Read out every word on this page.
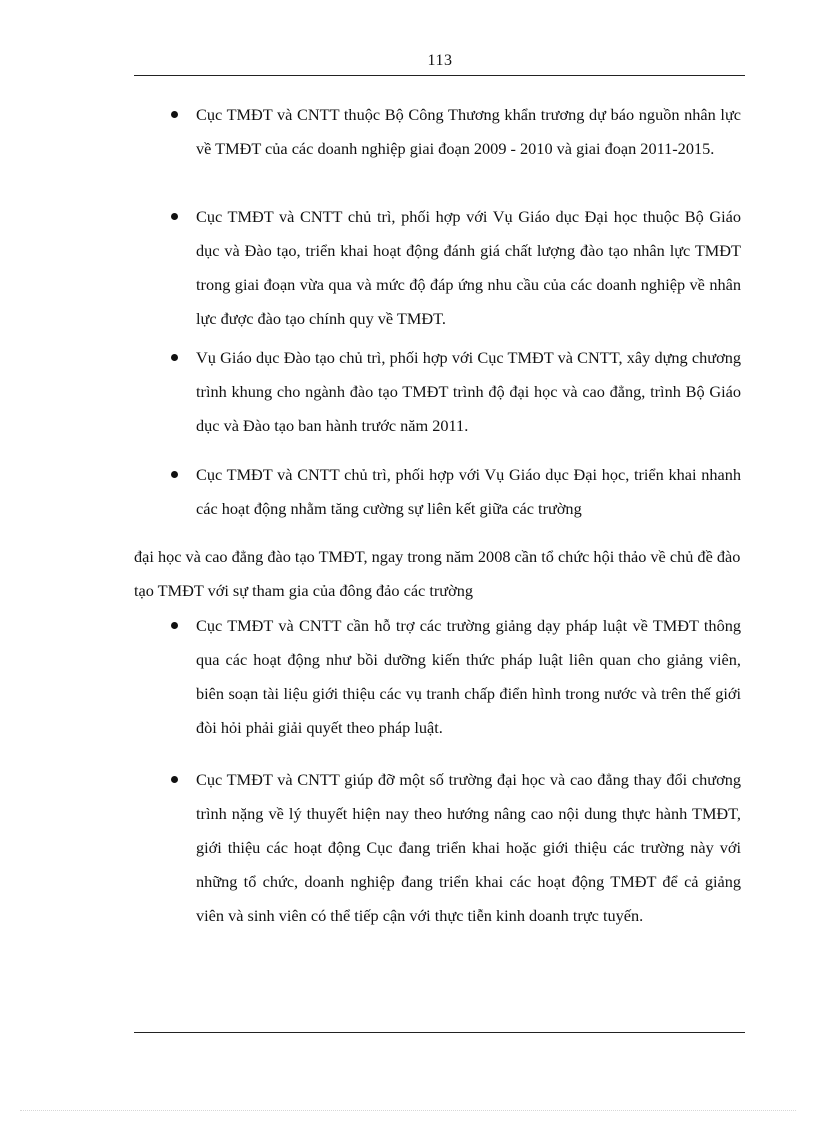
113
Cục TMĐT và CNTT thuộc Bộ Công Thương khẩn trương dự báo nguồn nhân lực về TMĐT của các doanh nghiệp giai đoạn 2009 - 2010 và giai đoạn 2011-2015.
Cục TMĐT và CNTT chủ trì, phối hợp với Vụ Giáo dục Đại học thuộc Bộ Giáo dục và Đào tạo, triển khai hoạt động đánh giá chất lượng đào tạo nhân lực TMĐT trong giai đoạn vừa qua và mức độ đáp ứng nhu cầu của các doanh nghiệp về nhân lực được đào tạo chính quy về TMĐT.
Vụ Giáo dục Đào tạo chủ trì, phối hợp với Cục TMĐT và CNTT, xây dựng chương trình khung cho ngành đào tạo TMĐT trình độ đại học và cao đẳng, trình Bộ Giáo dục và Đào tạo ban hành trước năm 2011.
Cục TMĐT và CNTT chủ trì, phối hợp với Vụ Giáo dục Đại học, triển khai nhanh các hoạt động nhằm tăng cường sự liên kết giữa các trường
đại học và cao đẳng đào tạo TMĐT, ngay trong năm 2008 cần tổ chức hội thảo về chủ đề đào tạo TMĐT với sự tham gia của đông đảo các trường
Cục TMĐT và CNTT cần hỗ trợ các trường giảng dạy pháp luật về TMĐT thông qua các hoạt động như bồi dưỡng kiến thức pháp luật liên quan cho giảng viên, biên soạn tài liệu giới thiệu các vụ tranh chấp điển hình trong nước và trên thế giới đòi hỏi phải giải quyết theo pháp luật.
Cục TMĐT và CNTT giúp đỡ một số trường đại học và cao đẳng thay đổi chương trình nặng về lý thuyết hiện nay theo hướng nâng cao nội dung thực hành TMĐT, giới thiệu các hoạt động Cục đang triển khai hoặc giới thiệu các trường này với những tổ chức, doanh nghiệp đang triển khai các hoạt động TMĐT để cả giảng viên và sinh viên có thể tiếp cận với thực tiễn kinh doanh trực tuyến.
